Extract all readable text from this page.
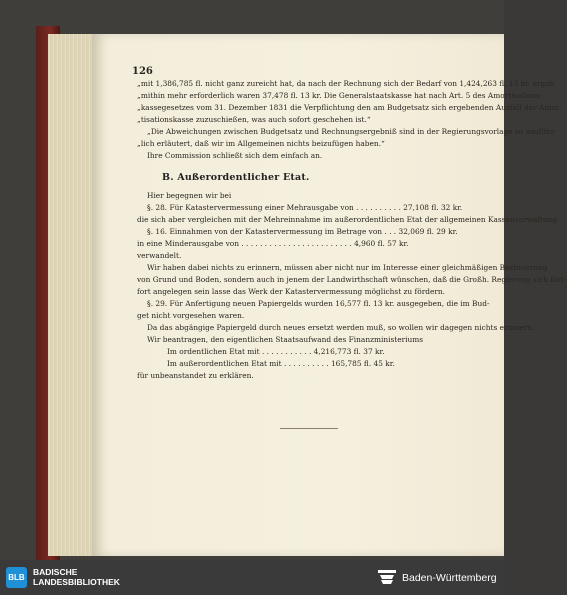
126
„mit 1,386,785 fl. nicht ganz zureicht hat, da nach der Rechnung sich der Bedarf von 1,424,263 fl. 13 kr. ergab,
„mithin mehr erforderlich waren 37,478 fl. 13 kr. Die Generalstaatskasse hat nach Art. 5 des Amortisations-
„kassegesetzes vom 31. Dezember 1831 die Verpflichtung den am Budgetsatz sich ergebenden Ausfall der Amor-
„tisationskasse zuzuschießen, was auch sofort geschehen ist.“
„Die Abweichungen zwischen Budgetsatz und Rechnungsergebniß sind in der Regierungsvorlage so ausführ-
„lich erläutert, daß wir im Allgemeinen nichts beizufügen haben.“
Ihre Commission schließt sich dem einfach an.
Hier begegnen wir bei
§. 28. Für Katastervermessung einer Mehrausgabe von . . . . . . . . . . 27,108 fl. 32 kr.
die sich aber vergleichen mit der Mehreinnahme im außerordentlichen Etat der allgemeinen Kassenverwaltung
§. 16. Einnahmen von der Katastervermessung im Betrage von . . . 32,069 fl. 29 kr.
in eine Minderausgabe von . . . . . . . . . . . . . . . . . . . . . . . . 4,960 fl. 57 kr.
verwandelt.
Wir haben dabei nichts zu erinnern, müssen aber nicht nur im Interesse einer gleichmäßigen Besteuerung
von Grund und Boden, sondern auch in jenem der Landwirthschaft wünschen, daß die Großh. Regierung sich fort-
fort angelegen sein lasse das Werk der Katastervermessung möglichst zu fördern.
§. 29. Für Anfertigung neuen Papiergelds wurden 16,577 fl. 13 kr. ausgegeben, die im Bud-
get nicht vorgesehen waren.
Da das abgängige Papiergeld durch neues ersetzt werden muß, so wollen wir dagegen nichts erinnern.
Wir beantragen, den eigentlichen Staatsaufwand des Finanzministeriums
Im ordentlichen Etat mit . . . . . . . . . . . 4,216,773 fl. 37 kr.
Im außerordentlichen Etat mit . . . . . . . . . . 165,785 fl. 45 kr.
für unbeanstandet zu erklären.
B. Außerordentlicher Etat.
BLB
BADISCHE
LANDESBIBLIOTHEK	Baden-Württemberg
